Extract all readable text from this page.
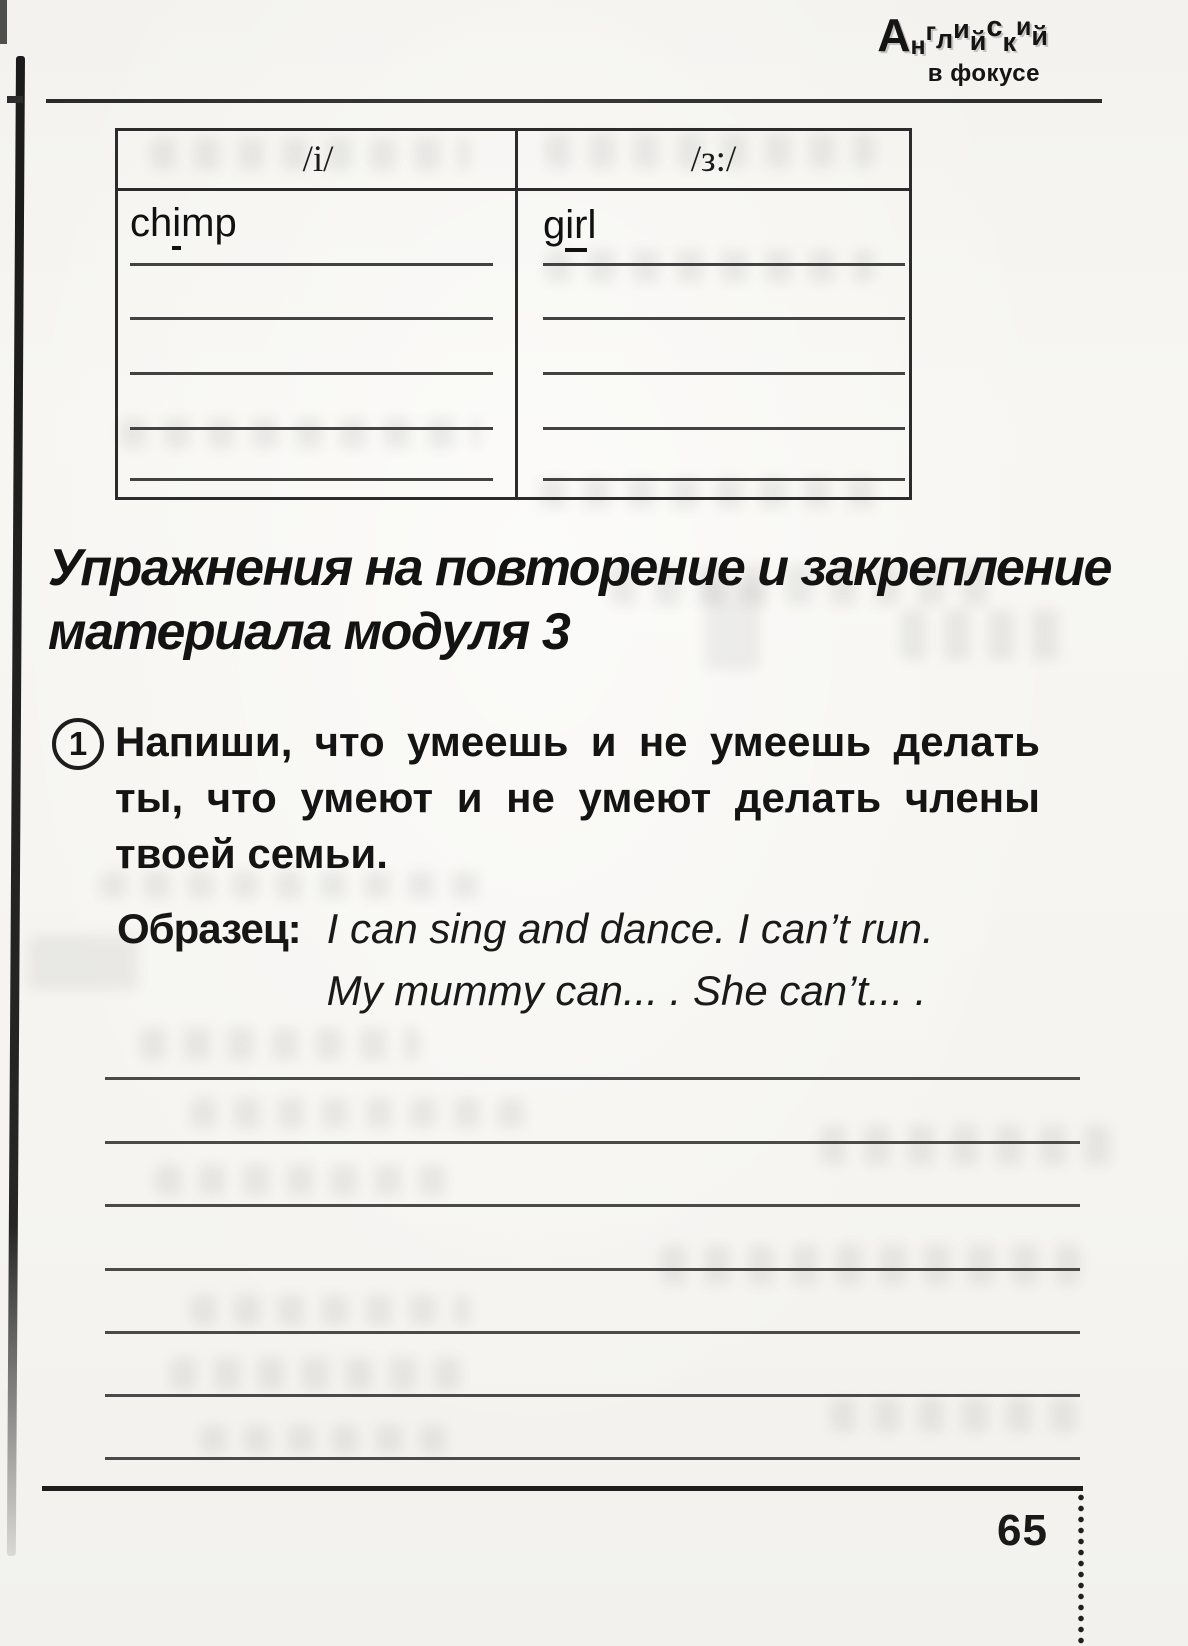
А н г л и й с к и й
в фокусе
/i/	/з:/
chimp	girl
Упражнения на повторение и закрепление
материала модуля 3
1 Напиши, что умеешь и не умеешь делать
ты, что умеют и не умеют делать члены
твоей семьи.
Образец: I can sing and dance. I can’t run.
My mummy can... . She can’t... .
65
